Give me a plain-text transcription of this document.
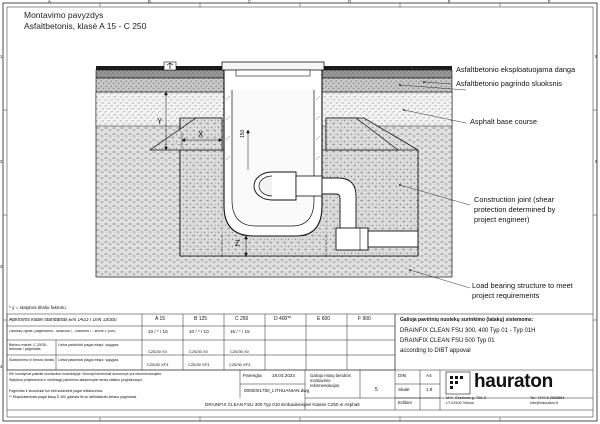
A	B	C	D	E	F
1
2
3
4
5
6
Montavimo pavyzdys
Asfaltbetonis, klasė A 15 - C 250
X
Y
Z
150
Asfaltbetonio eksploatuojama danga
Asfaltbetonio pagrindo sluoksnis
Asphalt base course
Construction joint (shear
protection determined by
project engineer)
Load bearing structure to meet
project requirements
* y = statybos tiksliu faktoriu
Apkrovos klasė standartas EN 1433 / DIN 19580	A 15	B 125	C 250	D 400**	E 600	F 900
Laikiklių dydis: pagrindinis - skaičius / - vidutinis / - storis Z (cm)	10 / * / 10	10 / * / 10	15 / * / 15
Betono markė: C 25/30 - betonas / pagrindas
Lieka pasirinkti pagal ekspl. sąlygas
C25/30 X0	C25/30 X0	C25/30 X0
Sutankinimo ir betono tankis Lieka pasirinkti pagal ekspl. sąlygas
C25/30 XF3	C25/30 XF3	C25/30 XF3
Kiti nurodymai pateikti montavimo instrukcijoje. Nurodyti techniniai duomenys yra rekomenduojami.
Statybos projektavimo ir medžiagų parinkimo atsakomybė tenka statinio projektuotojui.
Pagrindas ir sluoksniai turi būti sutankinti pagal reikalavimus.
** Eksploatavimas pagal klasę D 400 galimas tik su atitinkamais ketaus pagrindais.
Galioja pavirinių nuotekų surinkimo (latakų) sistemoms:
DRAINFIX CLEAN FSU 300, 400 Typ 01 - Typ 01H
DRAINFIX CLEAN FSU 500 Typ 01
according to DIBT appoval
Parengta 18.04.2024
0000001750_LITHUANIAN.dwg
Galioja mūsų bendros montavimo rekomendacijos
5
DIN	A4
Skalė	1:8
Edition
DRAINFIX CLEAN FSU 300 Typ 010 Einbaubeispiel Klasse C250 in Asphalt
hauraton
M.K. Čiurlionio g. 70A-3
LT-03100 Vilnius
Tel. +370 5 2628554
info@hauraton.lt
